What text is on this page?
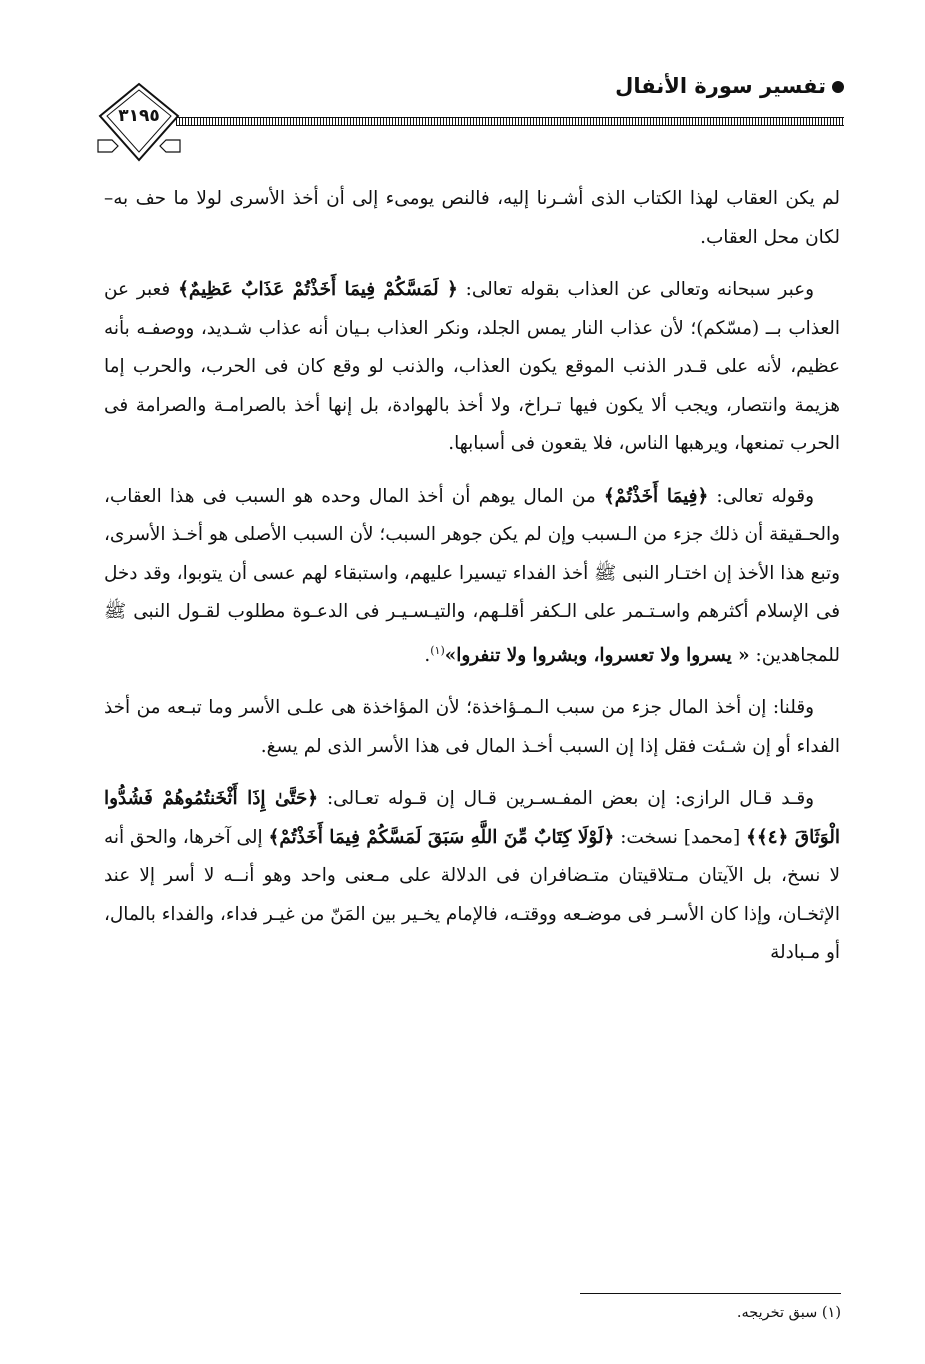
تفسير سورة الأنفال
٣١٩٥

لم يكن العقاب لهذا الكتاب الذى أشـرنا إليه، فالنص يومىء إلى أن أخذ الأسرى لولا ما حف به– لكان محل العقاب.

وعبر سبحانه وتعالى عن العذاب بقوله تعالى: ﴿ لَمَسَّكُمْ فِيمَا أَخَذْتُمْ عَذَابٌ عَظِيمٌ﴾ فعبر عن العذاب بــ (مسّكم)؛ لأن عذاب النار يمس الجلد، ونكر العذاب بـيان أنه عذاب شـديد، ووصفـه بأنه عظيم، لأنه على قـدر الذنب الموقع يكون العذاب، والذنب لو وقع كان فى الحرب، والحرب إما هزيمة وانتصار، ويجب ألا يكون فيها تـراخ، ولا أخذ بالهوادة، بل إنها أخذ بالصرامـة والصرامة فى الحرب تمنعها، ويرهبها الناس، فلا يقعون فى أسبابها.

وقوله تعالى: ﴿فِيمَا أَخَذْتُمْ﴾ من المال يوهم أن أخذ المال وحده هو السبب فى هذا العقاب، والحـقيقة أن ذلك جزء من الـسبب وإن لم يكن جوهر السبب؛ لأن السبب الأصلى هو أخـذ الأسرى، وتبع هذا الأخذ إن اختـار النبى ﷺ أخذ الفداء تيسيرا عليهم، واستبقاء لهم عسى أن يتوبوا، وقد دخل فى الإسلام أكثرهم واسـتـمر على الـكفر أقلـهم، والتيـسـيـر فى الدعـوة مطلوب لقـول النبى ﷺ للمجاهدين: « يسروا ولا تعسروا، وبشروا ولا تنفروا»$^{(١)}$.

وقلنا: إن أخذ المال جزء من سبب الـمـؤاخذة؛ لأن المؤاخذة هى علـى الأسر وما تبـعه من أخذ الفداء أو إن شـئت فقل إذا إن السبب أخـذ المال فى هذا الأسر الذى لم يسغ.

وقـد قـال الرازى: إن بعض المفـسـرين قـال إن قـوله تعـالى: ﴿حَتَّىٰ إِذَا أَثْخَنتُمُوهُمْ فَشُدُّوا الْوَثَاقَ ﴿٤﴾﴾ [محمد] نسخت: ﴿لَوْلَا كِتَابٌ مِّنَ اللَّهِ سَبَقَ لَمَسَّكُمْ فِيمَا أَخَذْتُمْ﴾ إلى آخرها، والحق أنه لا نسخ، بل الآيتان مـتلاقيتان متـضافران فى الدلالة على مـعنى واحد وهو أنــه لا أسر إلا عند الإثخـان، وإذا كان الأسـر فى موضـعه ووقتـه، فالإمام يخـير بين المَنّ من غيـر فداء، والفداء بالمال، أو مـبادلة

(١) سبق تخريجه.
